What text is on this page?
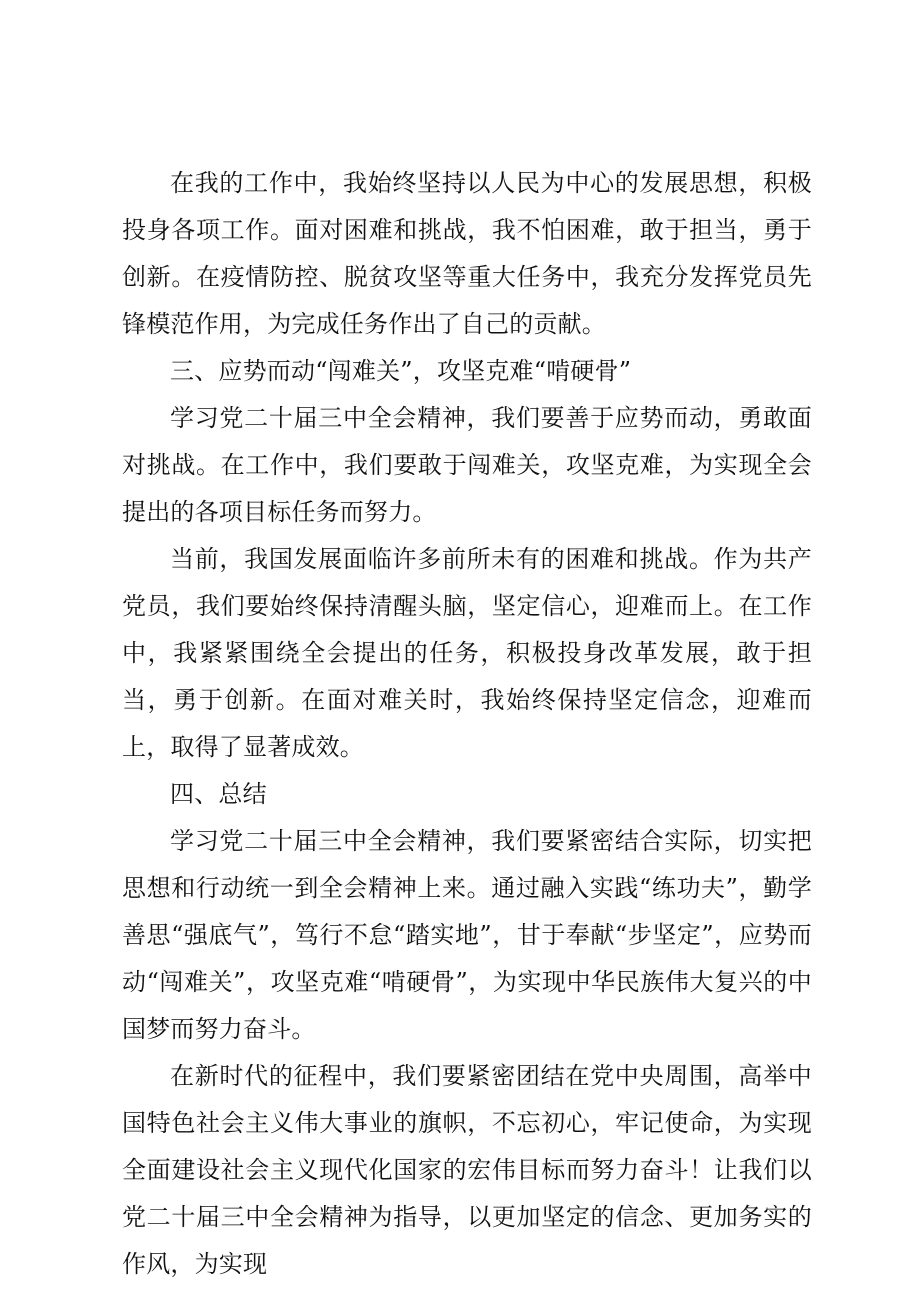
在我的工作中，我始终坚持以人民为中心的发展思想，积极投身各项工作。面对困难和挑战，我不怕困难，敢于担当，勇于创新。在疫情防控、脱贫攻坚等重大任务中，我充分发挥党员先锋模范作用，为完成任务作出了自己的贡献。

三、应势而动“闯难关”，攻坚克难“啃硬骨”

学习党二十届三中全会精神，我们要善于应势而动，勇敢面对挑战。在工作中，我们要敢于闯难关，攻坚克难，为实现全会提出的各项目标任务而努力。

当前，我国发展面临许多前所未有的困难和挑战。作为共产党员，我们要始终保持清醒头脑，坚定信心，迎难而上。在工作中，我紧紧围绕全会提出的任务，积极投身改革发展，敢于担当，勇于创新。在面对难关时，我始终保持坚定信念，迎难而上，取得了显著成效。

四、总结

学习党二十届三中全会精神，我们要紧密结合实际，切实把思想和行动统一到全会精神上来。通过融入实践“练功夫”，勤学善思“强底气”，笃行不怠“踏实地”，甘于奉献“步坚定”，应势而动“闯难关”，攻坚克难“啃硬骨”，为实现中华民族伟大复兴的中国梦而努力奋斗。

在新时代的征程中，我们要紧密团结在党中央周围，高举中国特色社会主义伟大事业的旗帜，不忘初心，牢记使命，为实现全面建设社会主义现代化国家的宏伟目标而努力奋斗！让我们以党二十届三中全会精神为指导，以更加坚定的信念、更加务实的作风，为实现
